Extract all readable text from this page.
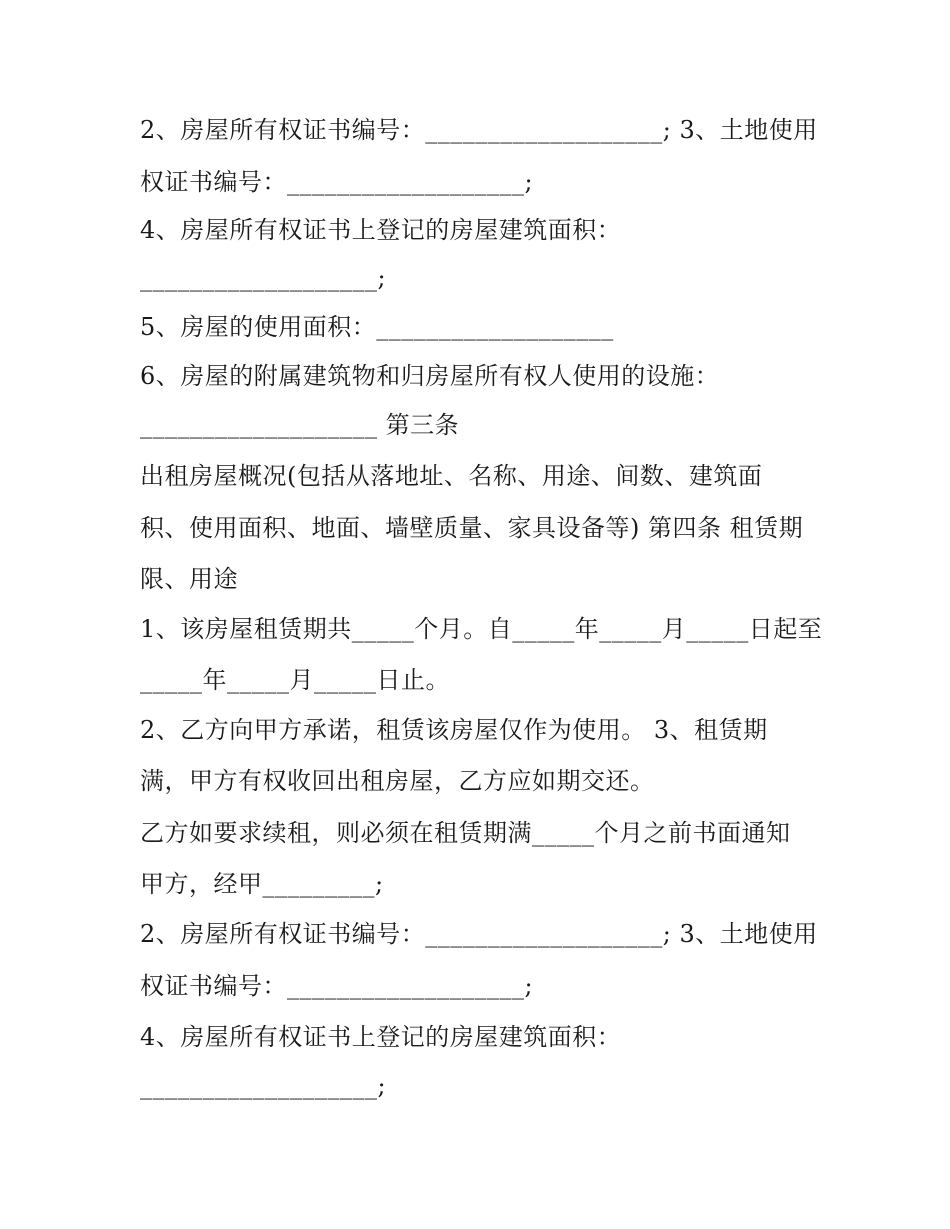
2、房屋所有权证书编号：___________________; 3、土地使用
权证书编号：___________________;
4、房屋所有权证书上登记的房屋建筑面积：
___________________;
5、房屋的使用面积：___________________
6、房屋的附属建筑物和归房屋所有权人使用的设施：
___________________ 第三条
出租房屋概况(包括从落地址、名称、用途、间数、建筑面
积、使用面积、地面、墙壁质量、家具设备等) 第四条 租赁期
限、用途
1、该房屋租赁期共_____个月。自_____年_____月_____日起至
_____年_____月_____日止。
2、乙方向甲方承诺，租赁该房屋仅作为使用。 3、租赁期
满，甲方有权收回出租房屋，乙方应如期交还。
乙方如要求续租，则必须在租赁期满_____个月之前书面通知
甲方，经甲_________;
2、房屋所有权证书编号：___________________; 3、土地使用
权证书编号：___________________;
4、房屋所有权证书上登记的房屋建筑面积：
___________________;
